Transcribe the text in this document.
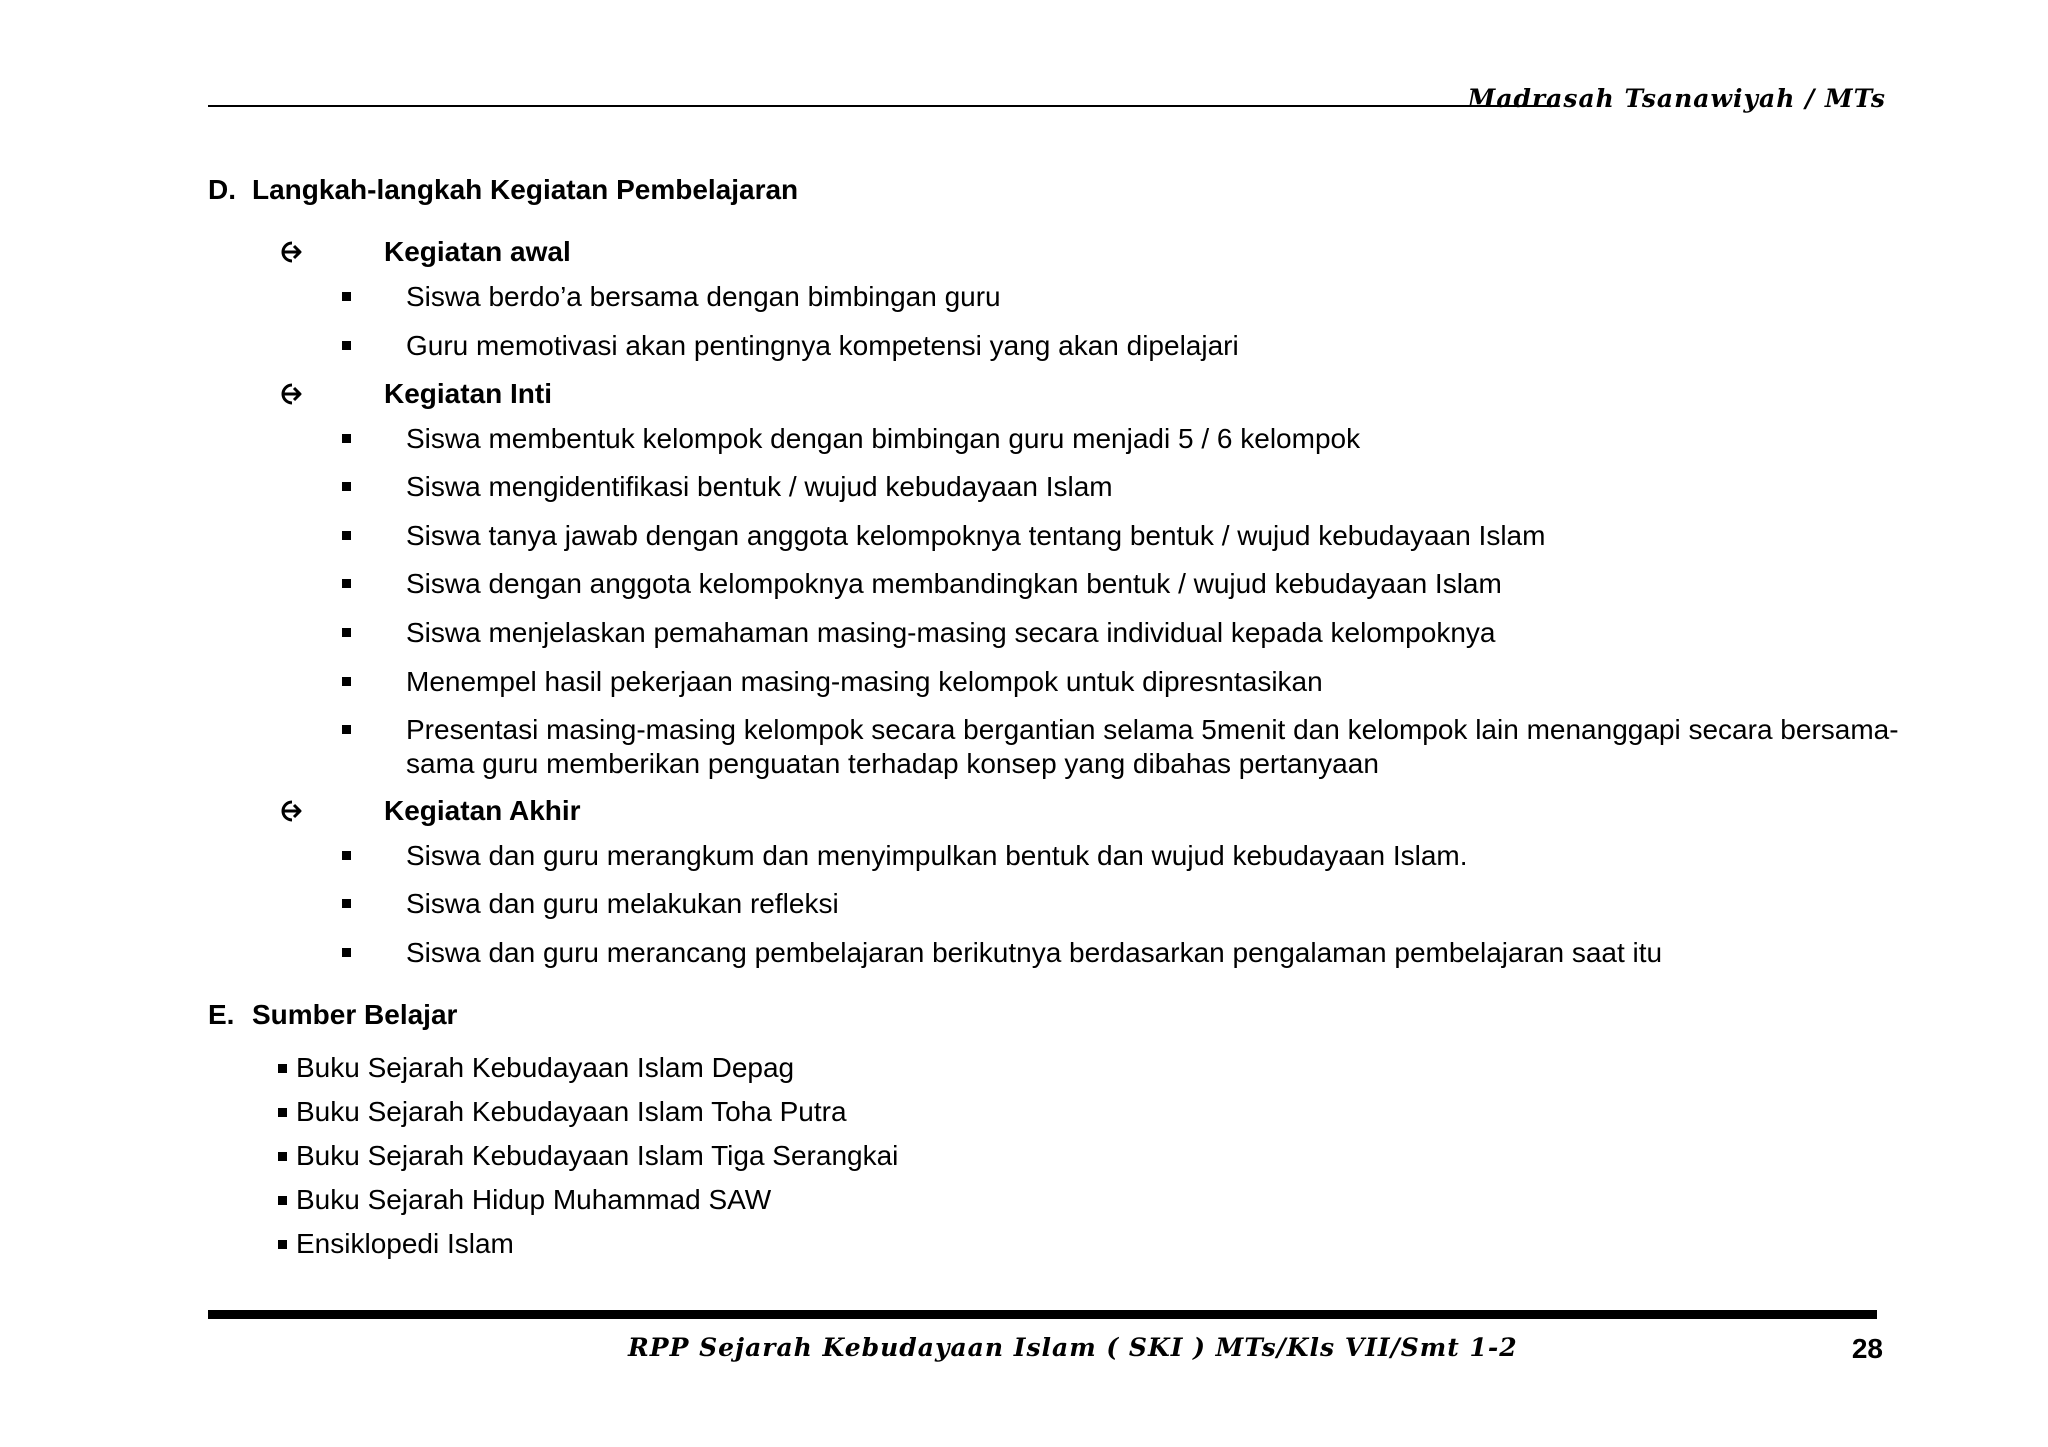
Madrasah Tsanawiyah / MTs
D. Langkah-langkah Kegiatan Pembelajaran
Kegiatan awal
Siswa berdo’a bersama dengan bimbingan guru
Guru memotivasi akan pentingnya kompetensi yang akan dipelajari
Kegiatan Inti
Siswa membentuk kelompok dengan bimbingan guru menjadi 5 / 6 kelompok
Siswa mengidentifikasi bentuk / wujud kebudayaan Islam
Siswa tanya jawab dengan anggota kelompoknya tentang bentuk / wujud kebudayaan Islam
Siswa dengan anggota kelompoknya membandingkan bentuk / wujud kebudayaan Islam
Siswa menjelaskan pemahaman masing-masing secara individual kepada kelompoknya
Menempel hasil pekerjaan masing-masing kelompok untuk dipresntasikan
Presentasi masing-masing kelompok secara bergantian selama 5menit dan kelompok lain menanggapi secara bersama-sama guru memberikan penguatan terhadap konsep yang dibahas pertanyaan
Kegiatan Akhir
Siswa dan guru merangkum dan menyimpulkan bentuk dan wujud kebudayaan Islam.
Siswa dan guru melakukan refleksi
Siswa dan guru merancang pembelajaran berikutnya berdasarkan pengalaman pembelajaran saat itu
E. Sumber Belajar
Buku Sejarah Kebudayaan Islam Depag
Buku Sejarah Kebudayaan Islam Toha Putra
Buku Sejarah Kebudayaan Islam Tiga Serangkai
Buku Sejarah Hidup Muhammad SAW
Ensiklopedi Islam
RPP Sejarah Kebudayaan Islam ( SKI ) MTs/Kls VII/Smt 1-2	28
